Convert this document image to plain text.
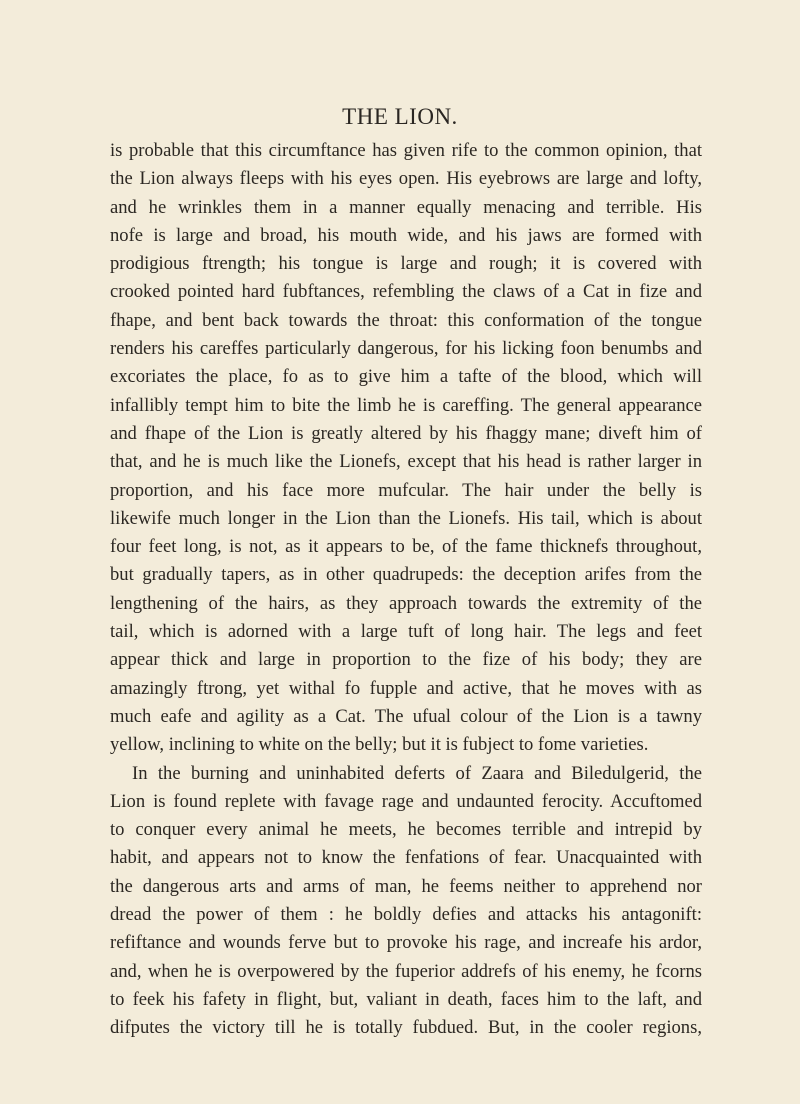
THE LION.
is probable that this circumftance has given rife to the common opinion, that
the Lion always fleeps with his eyes open. His eyebrows are large and lofty,
and he wrinkles them in a manner equally menacing and terrible. His
nofe is large and broad, his mouth wide, and his jaws are formed with
prodigious ftrength; his tongue is large and rough; it is covered with
crooked pointed hard fubftances, refembling the claws of a Cat in fize and
fhape, and bent back towards the throat: this conformation of the tongue
renders his careffes particularly dangerous, for his licking foon benumbs and
excoriates the place, fo as to give him a tafte of the blood, which will
infallibly tempt him to bite the limb he is careffing. The general appearance
and fhape of the Lion is greatly altered by his fhaggy mane; diveft him of
that, and he is much like the Lionefs, except that his head is rather larger in
proportion, and his face more mufcular. The hair under the belly is
likewife much longer in the Lion than the Lionefs. His tail, which is about
four feet long, is not, as it appears to be, of the fame thicknefs throughout,
but gradually tapers, as in other quadrupeds: the deception arifes from the
lengthening of the hairs, as they approach towards the extremity of the
tail, which is adorned with a large tuft of long hair. The legs and feet
appear thick and large in proportion to the fize of his body; they are
amazingly ftrong, yet withal fo fupple and active, that he moves with as
much eafe and agility as a Cat. The ufual colour of the Lion is a tawny
yellow, inclining to white on the belly; but it is fubject to fome varieties.
In the burning and uninhabited deferts of Zaara and Biledulgerid, the
Lion is found replete with favage rage and undaunted ferocity. Accuftomed
to conquer every animal he meets, he becomes terrible and intrepid by
habit, and appears not to know the fenfations of fear. Unacquainted with
the dangerous arts and arms of man, he feems neither to apprehend nor
dread the power of them : he boldly defies and attacks his antagonift:
refiftance and wounds ferve but to provoke his rage, and increafe his ardor,
and, when he is overpowered by the fuperior addrefs of his enemy, he fcorns
to feek his fafety in flight, but, valiant in death, faces him to the laft, and
difputes the victory till he is totally fubdued. But, in the cooler regions,
